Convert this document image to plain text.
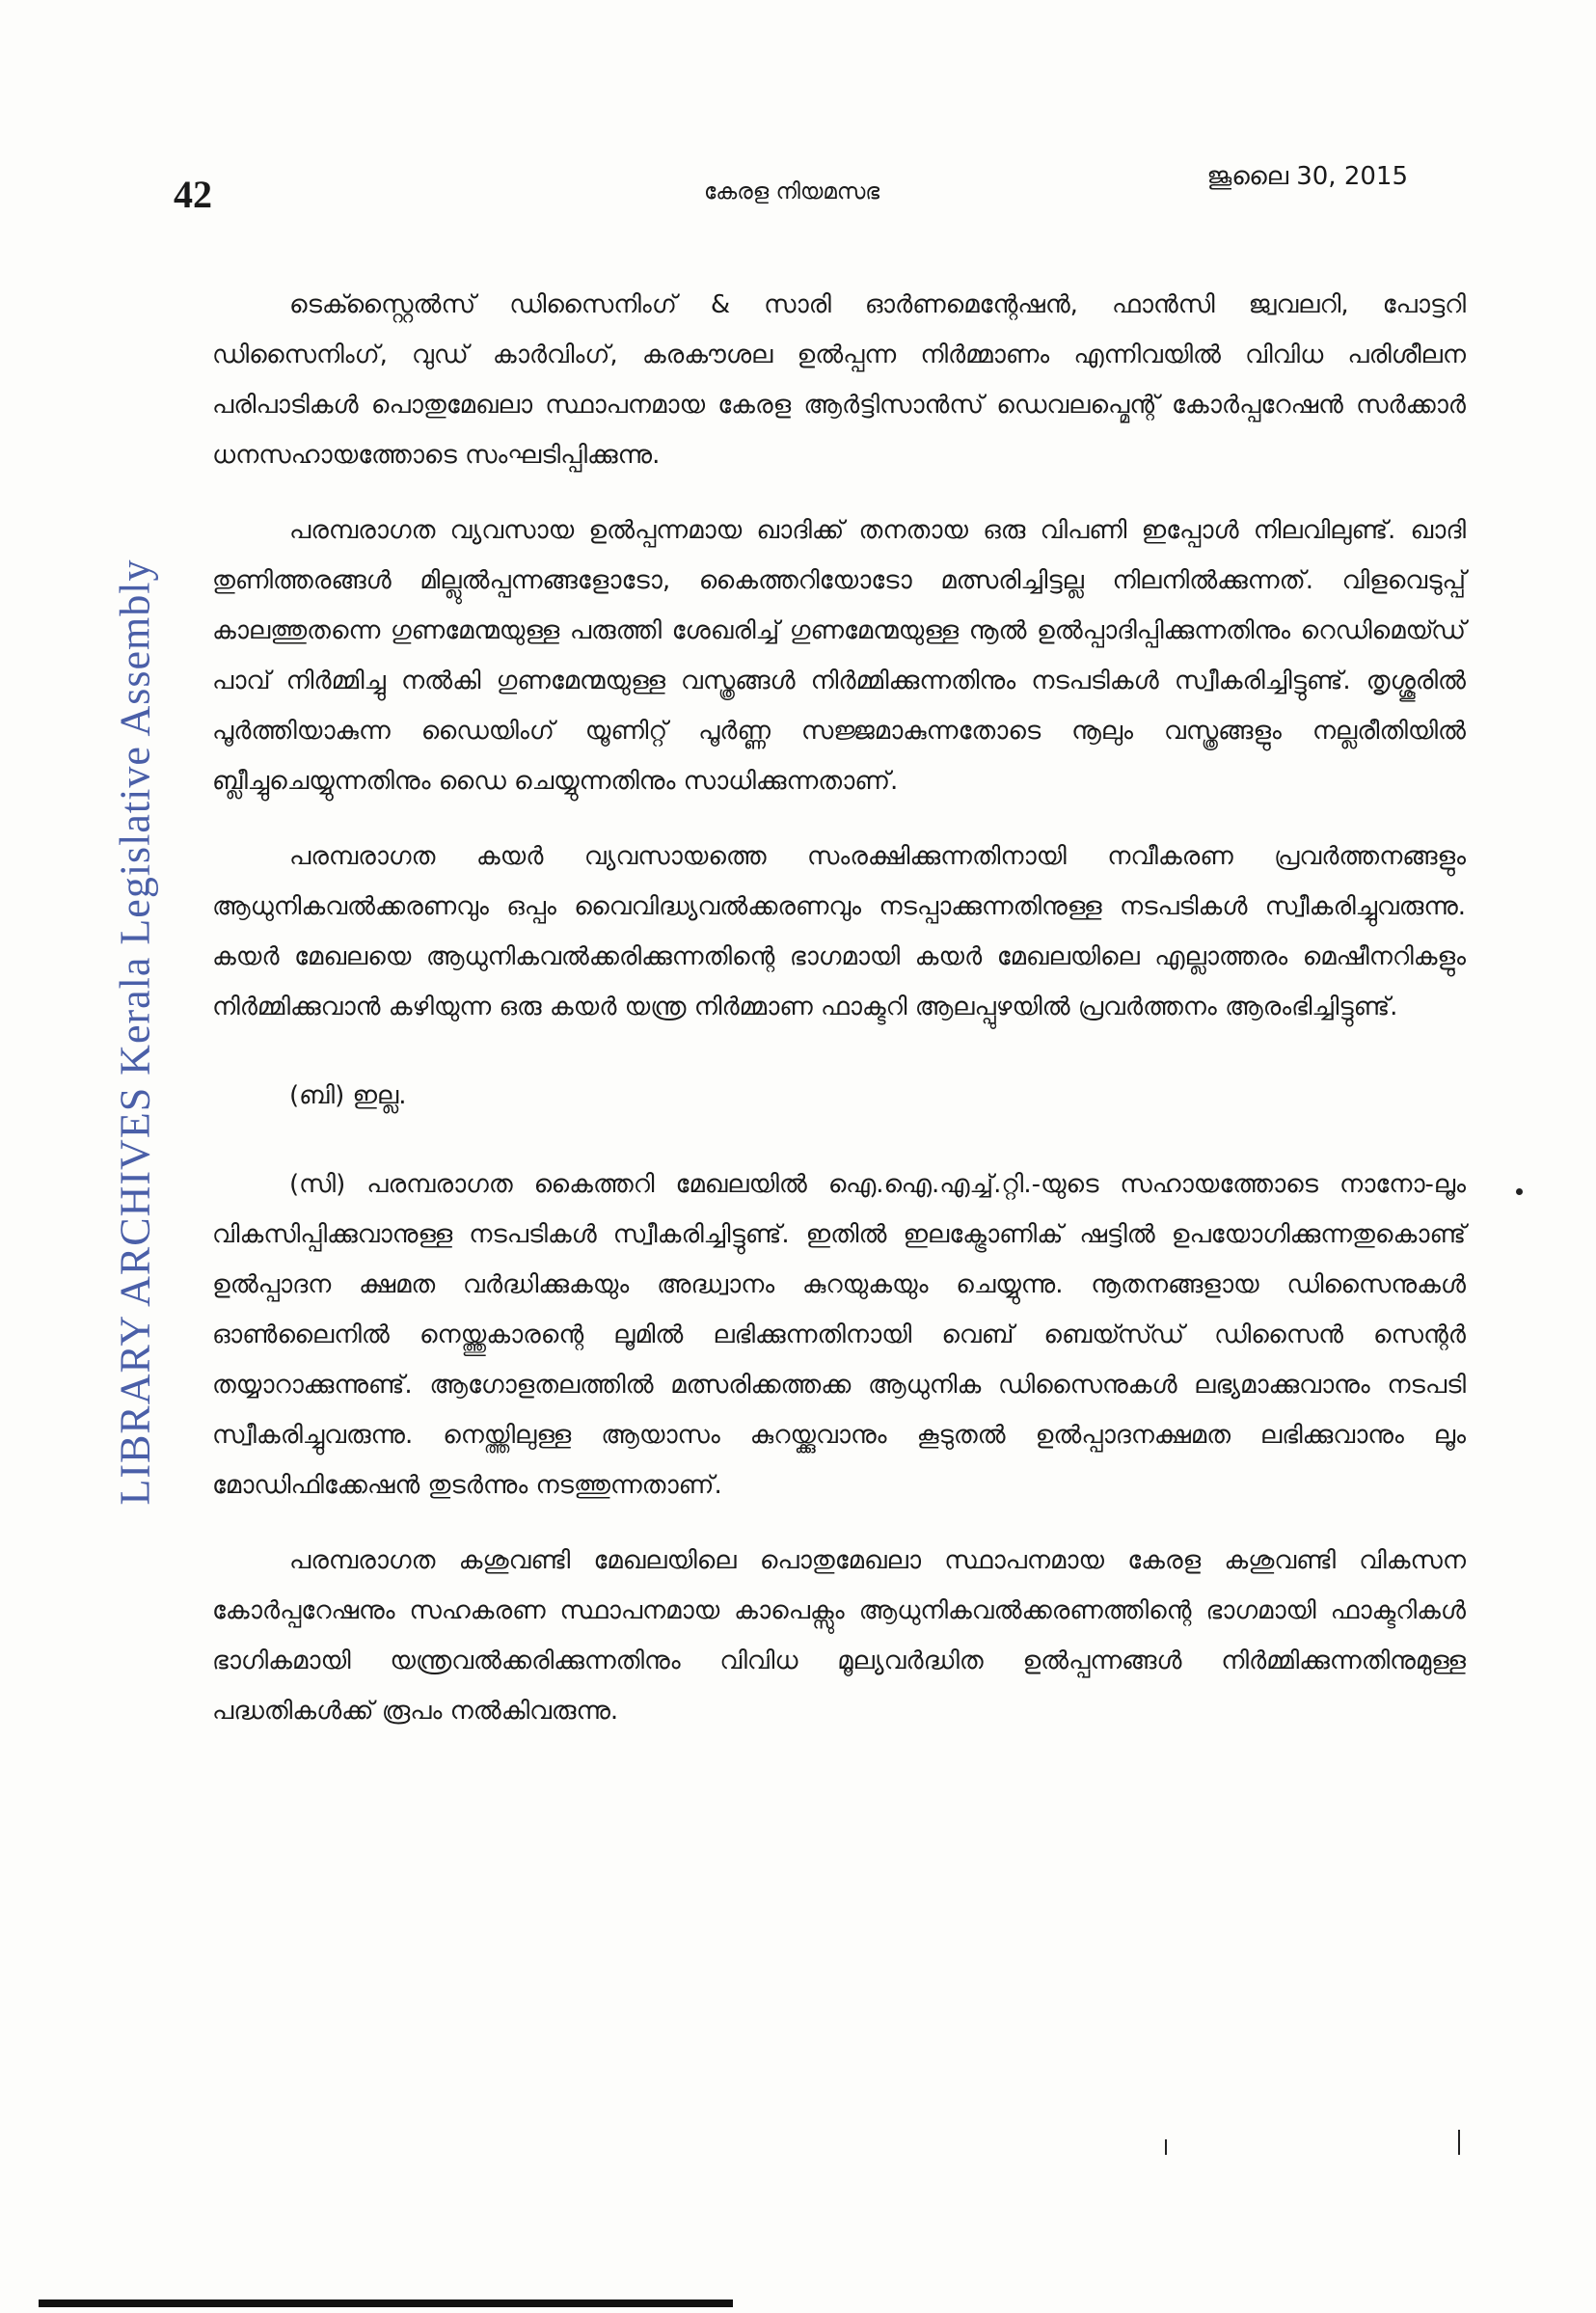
LIBRARY ARCHIVES Kerala Legislative Assembly
42	കേരള നിയമസഭ
ജൂലൈ 30, 2015

ടെക്സ്റ്റൈൽസ് ഡിസൈനിംഗ് & സാരി ഓർണമെന്റേഷൻ, ഫാൻസി ജ്വവലറി, പോട്ടറി ഡിസൈനിംഗ്, വുഡ് കാർവിംഗ്, കരകൗശല ഉൽപ്പന്ന നിർമ്മാണം എന്നിവയിൽ വിവിധ പരിശീലന പരിപാടികൾ പൊതുമേഖലാ സ്ഥാപനമായ കേരള ആർട്ടിസാൻസ് ഡെവലപ്മെന്റ് കോർപ്പറേഷൻ സർക്കാർ ധനസഹായത്തോടെ സംഘടിപ്പിക്കുന്നു.

പരമ്പരാഗത വ്യവസായ ഉൽപ്പന്നമായ ഖാദിക്ക് തനതായ ഒരു വിപണി ഇപ്പോൾ നിലവിലുണ്ട്. ഖാദി തുണിത്തരങ്ങൾ മില്ലുൽപ്പന്നങ്ങളോടോ, കൈത്തറിയോടോ മത്സരിച്ചിട്ടല്ല നിലനിൽക്കുന്നത്. വിളവെടുപ്പ് കാലത്തുതന്നെ ഗുണമേന്മയുള്ള പരുത്തി ശേഖരിച്ച് ഗുണമേന്മയുള്ള നൂൽ ഉൽപ്പാദിപ്പിക്കുന്നതിനും റെഡിമെയ്ഡ് പാവ് നിർമ്മിച്ചു നൽകി ഗുണമേന്മയുള്ള വസ്ത്രങ്ങൾ നിർമ്മിക്കുന്നതിനും നടപടികൾ സ്വീകരിച്ചിട്ടുണ്ട്. തൃശ്ശൂരിൽ പൂർത്തിയാകുന്ന ഡൈയിംഗ് യൂണിറ്റ് പൂർണ്ണ സജ്ജമാകുന്നതോടെ നൂലും വസ്ത്രങ്ങളും നല്ലരീതിയിൽ ബ്ലീച്ചുചെയ്യുന്നതിനും ഡൈ ചെയ്യുന്നതിനും സാധിക്കുന്നതാണ്.

പരമ്പരാഗത കയർ വ്യവസായത്തെ സംരക്ഷിക്കുന്നതിനായി നവീകരണ പ്രവർത്തനങ്ങളും ആധുനികവൽക്കരണവും ഒപ്പം വൈവിദ്ധ്യവൽക്കരണവും നടപ്പാക്കുന്നതിനുള്ള നടപടികൾ സ്വീകരിച്ചുവരുന്നു. കയർ മേഖലയെ ആധുനികവൽക്കരിക്കുന്നതിന്റെ ഭാഗമായി കയർ മേഖലയിലെ എല്ലാത്തരം മെഷീനറികളും നിർമ്മിക്കുവാൻ കഴിയുന്ന ഒരു കയർ യന്ത്ര നിർമ്മാണ ഫാക്ടറി ആലപ്പുഴയിൽ പ്രവർത്തനം ആരംഭിച്ചിട്ടുണ്ട്.

(ബി) ഇല്ല.

(സി) പരമ്പരാഗത കൈത്തറി മേഖലയിൽ ഐ.ഐ.എച്ച്.റ്റി.-യുടെ സഹായത്തോടെ നാനോ-ലൂം വികസിപ്പിക്കുവാനുള്ള നടപടികൾ സ്വീകരിച്ചിട്ടുണ്ട്. ഇതിൽ ഇലക്ട്രോണിക് ഷട്ടിൽ ഉപയോഗിക്കുന്നതുകൊണ്ട് ഉൽപ്പാദന ക്ഷമത വർദ്ധിക്കുകയും അദ്ധ്വാനം കുറയുകയും ചെയ്യുന്നു. നൂതനങ്ങളായ ഡിസൈനുകൾ ഓൺലൈനിൽ നെയ്ത്തുകാരന്റെ ലൂമിൽ ലഭിക്കുന്നതിനായി വെബ് ബെയ്സ്ഡ് ഡിസൈൻ സെന്റർ തയ്യാറാക്കുന്നുണ്ട്. ആഗോളതലത്തിൽ മത്സരിക്കത്തക്ക ആധുനിക ഡിസൈനുകൾ ലഭ്യമാക്കുവാനും നടപടി സ്വീകരിച്ചുവരുന്നു. നെയ്ത്തിലുള്ള ആയാസം കുറയ്ക്കുവാനും കൂടുതൽ ഉൽപ്പാദനക്ഷമത ലഭിക്കുവാനും ലൂം മോഡിഫിക്കേഷൻ തുടർന്നും നടത്തുന്നതാണ്.

പരമ്പരാഗത കശുവണ്ടി മേഖലയിലെ പൊതുമേഖലാ സ്ഥാപനമായ കേരള കശുവണ്ടി വികസന കോർപ്പറേഷനും സഹകരണ സ്ഥാപനമായ കാപെക്സും ആധുനികവൽക്കരണത്തിന്റെ ഭാഗമായി ഫാക്ടറികൾ ഭാഗികമായി യന്ത്രവൽക്കരിക്കുന്നതിനും വിവിധ മൂല്യവർദ്ധിത ഉൽപ്പന്നങ്ങൾ നിർമ്മിക്കുന്നതിനുമുള്ള പദ്ധതികൾക്ക് രൂപം നൽകിവരുന്നു.
